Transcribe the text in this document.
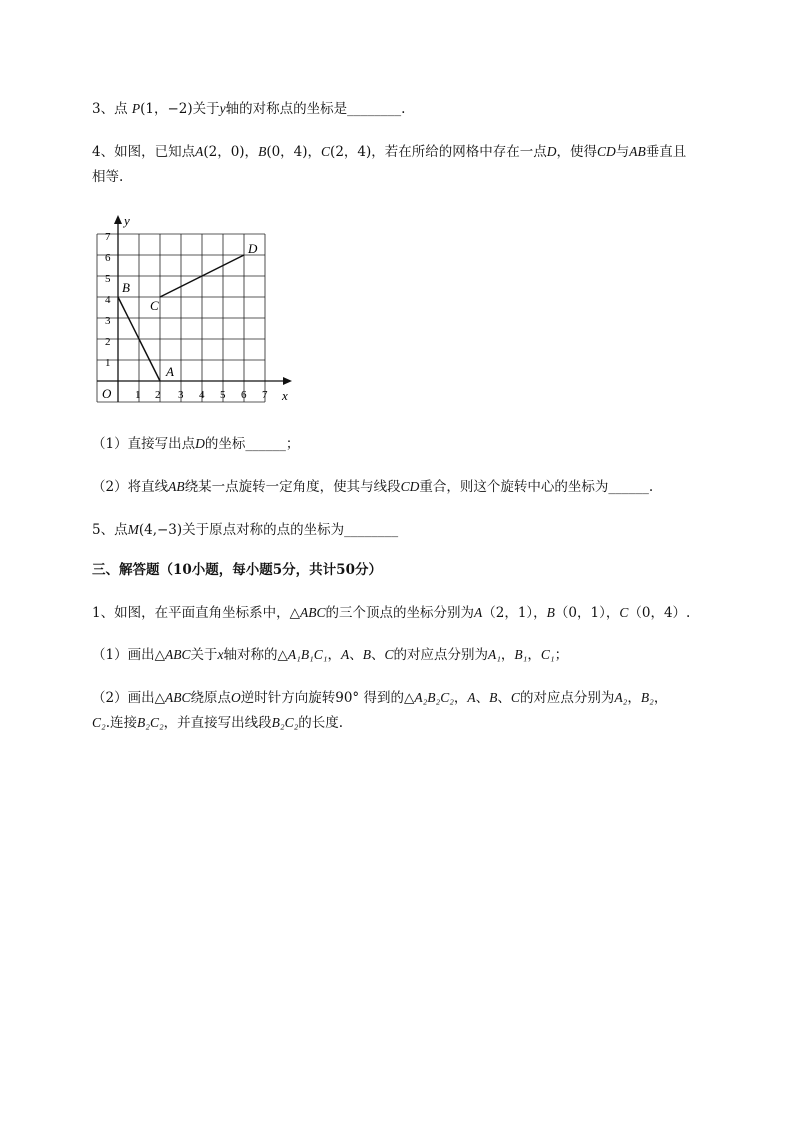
3、点 P(1，−2)关于y轴的对称点的坐标是________.
4、如图，已知点A(2，0)，B(0，4)，C(2，4)，若在所给的网格中存在一点D，使得CD与AB垂直且
相等.
y
x
O 1 2 3 4 5 6 7
1
2
3
4
5
6
7
A
B
C
D
（1）直接写出点D的坐标______；
（2）将直线AB绕某一点旋转一定角度，使其与线段CD重合，则这个旋转中心的坐标为______.
5、点M(4,−3)关于原点对称的点的坐标为________
三、解答题（10小题，每小题5分，共计50分）
1、如图，在平面直角坐标系中，△ABC的三个顶点的坐标分别为A（2，1），B（0，1），C（0，4）.
（1）画出△ABC关于x轴对称的△A₁B₁C₁，A、B、C的对应点分别为A₁，B₁，C₁；
（2）画出△ABC绕原点O逆时针方向旋转90° 得到的△A₂B₂C₂，A、B、C的对应点分别为A₂，B₂，
C₂.连接B₂C₂，并直接写出线段B₂C₂的长度.
